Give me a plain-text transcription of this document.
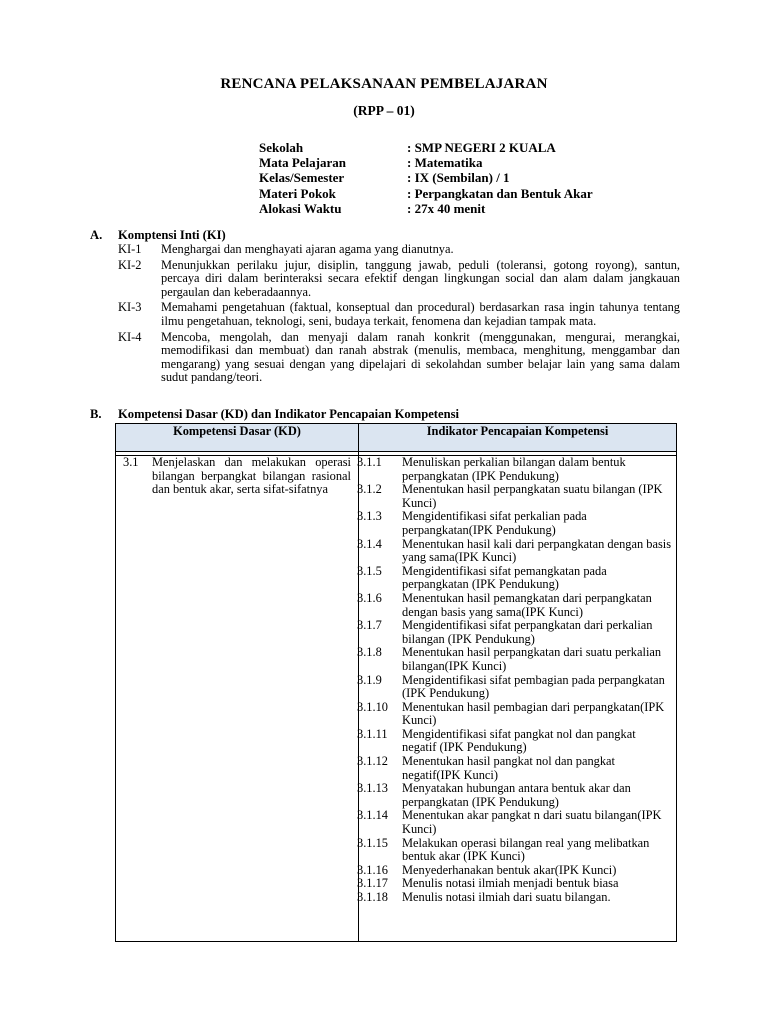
RENCANA PELAKSANAAN PEMBELAJARAN
(RPP – 01)
Sekolah	: SMP NEGERI 2 KUALA
Mata Pelajaran	: Matematika
Kelas/Semester	: IX (Sembilan) / 1
Materi Pokok	: Perpangkatan dan Bentuk Akar
Alokasi Waktu	: 27x 40 menit
A.	Komptensi Inti (KI)
KI-1	Menghargai dan menghayati ajaran agama yang dianutnya.
KI-2	Menunjukkan perilaku jujur, disiplin, tanggung jawab, peduli (toleransi, gotong royong), santun, percaya diri dalam berinteraksi secara efektif dengan lingkungan social dan alam dalam jangkauan pergaulan dan keberadaannya.
KI-3	Memahami pengetahuan (faktual, konseptual dan procedural) berdasarkan rasa ingin tahunya tentang ilmu pengetahuan, teknologi, seni, budaya terkait, fenomena dan kejadian tampak mata.
KI-4	Mencoba, mengolah, dan menyaji dalam ranah konkrit (menggunakan, mengurai, merangkai, memodifikasi dan membuat) dan ranah abstrak (menulis, membaca, menghitung, menggambar dan mengarang) yang sesuai dengan yang dipelajari di sekolahdan sumber belajar lain yang sama dalam sudut pandang/teori.
B.	Kompetensi Dasar (KD) dan Indikator Pencapaian Kompetensi
Kompetensi Dasar (KD)	Indikator Pencapaian Kompetensi
3.1	Menjelaskan dan melakukan operasi bilangan berpangkat bilangan rasional dan bentuk akar, serta sifat-sifatnya
3.1.1	Menuliskan perkalian bilangan dalam bentuk perpangkatan (IPK Pendukung)
3.1.2	Menentukan hasil perpangkatan suatu bilangan (IPK Kunci)
3.1.3	Mengidentifikasi sifat perkalian pada perpangkatan(IPK Pendukung)
3.1.4	Menentukan hasil kali dari perpangkatan dengan basis yang sama(IPK Kunci)
3.1.5	Mengidentifikasi sifat pemangkatan pada perpangkatan (IPK Pendukung)
3.1.6	Menentukan hasil pemangkatan dari perpangkatan dengan basis yang sama(IPK Kunci)
3.1.7	Mengidentifikasi sifat perpangkatan dari perkalian bilangan (IPK Pendukung)
3.1.8	Menentukan hasil perpangkatan dari suatu perkalian bilangan(IPK Kunci)
3.1.9	Mengidentifikasi sifat pembagian pada perpangkatan (IPK Pendukung)
3.1.10	Menentukan hasil pembagian dari perpangkatan(IPK Kunci)
3.1.11	Mengidentifikasi sifat pangkat nol dan pangkat negatif (IPK Pendukung)
3.1.12	Menentukan hasil pangkat nol dan pangkat negatif(IPK Kunci)
3.1.13	Menyatakan hubungan antara bentuk akar dan perpangkatan (IPK Pendukung)
3.1.14	Menentukan akar pangkat n dari suatu bilangan(IPK Kunci)
3.1.15	Melakukan operasi bilangan real yang melibatkan bentuk akar (IPK Kunci)
3.1.16	Menyederhanakan bentuk akar(IPK Kunci)
3.1.17	Menulis notasi ilmiah menjadi bentuk biasa
3.1.18	Menulis notasi ilmiah dari suatu bilangan.
